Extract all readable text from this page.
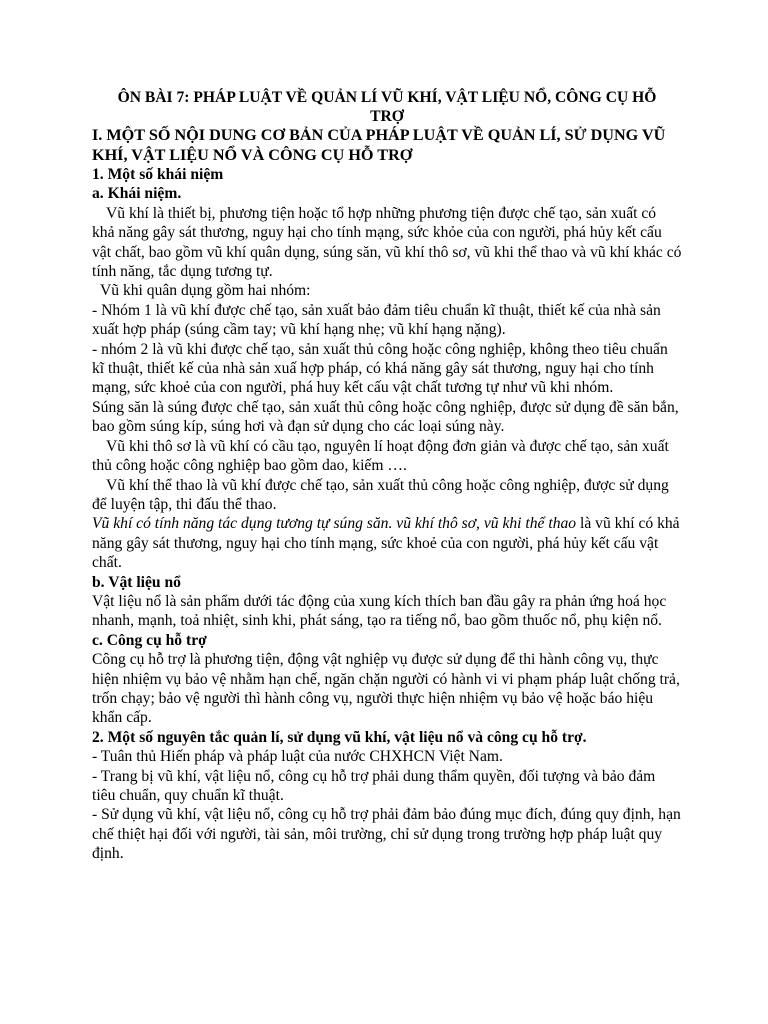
ÔN BÀI 7: PHÁP LUẬT VỀ QUẢN LÍ VŨ KHÍ, VẬT LIỆU NỔ, CÔNG CỤ HỖ TRỢ
I. MỘT SỐ NỘI DUNG CƠ BẢN CỦA PHÁP LUẬT VỀ QUẢN LÍ, SỬ DỤNG VŨ KHÍ, VẬT LIỆU NỔ VÀ CÔNG CỤ HỖ TRỢ
1. Một số khái niệm
a. Khái niệm.

Vũ khí là thiết bị, phương tiện hoặc tổ hợp những phương tiện được chế tạo, sản xuất có khả năng gây sát thương, nguy hại cho tính mạng, sức khỏe của con người, phá hủy kết cấu vật chất, bao gồm vũ khí quân dụng, súng săn, vũ khí thô sơ, vũ khi thể thao và vũ khí khác có tính năng, tắc dụng tương tự.

Vũ khi quân dụng gồm hai nhóm:

- Nhóm 1 là vũ khí được chế tạo, sản xuất bảo đảm tiêu chuẩn kĩ thuật, thiết kế của nhà sản xuất hợp pháp (súng cầm tay; vũ khí hạng nhẹ; vũ khí hạng nặng).

- nhóm 2 là vũ khi được chế tạo, sản xuất thủ công hoặc công nghiệp, không theo tiêu chuẩn kĩ thuật, thiết kế của nhà sản xuấ hợp pháp, có khá năng gây sát thương, nguy hại cho tính mạng, sức khoẻ của con người, phá huy kết cấu vật chất tương tự như vũ khi nhóm.

Súng săn là súng được chế tạo, sản xuất thủ công hoặc công nghiệp, được sử dụng đề săn bắn, bao gồm súng kíp, súng hơi và đạn sử dụng cho các loại súng này.

Vũ khi thô sơ là vũ khí có cầu tạo, nguyên lí hoạt động đơn giản và được chế tạo, sản xuất thủ công hoặc công nghiệp bao gồm dao, kiếm ….

Vũ khí thể thao là vũ khí được chế tạo, sản xuất thủ công hoặc công nghiệp, được sử dụng để luyện tập, thi đấu thể thao.

Vũ khí có tính năng tác dụng tương tự súng săn. vũ khí thô sơ, vũ khi thể thao là vũ khí có khả năng gây sát thương, nguy hại cho tính mạng, sức khoẻ của con người, phá hủy kết cấu vật chất.

b. Vật liệu nổ

Vật liệu nổ là sản phẩm dưới tác động của xung kích thích ban đầu gây ra phản ứng hoá học nhanh, mạnh, toả nhiệt, sinh khi, phát sáng, tạo ra tiếng nổ, bao gồm thuốc nổ, phụ kiện nổ.

c. Công cụ hỗ trợ

Công cụ hỗ trợ là phương tiện, động vật nghiệp vụ được sử dụng để thi hành công vụ, thực hiện nhiệm vụ bảo vệ nhằm hạn chế, ngăn chặn người có hành vi vi phạm pháp luật chống trả, trốn chạy; bảo vệ người thì hành công vụ, người thực hiện nhiệm vụ bảo vệ hoặc báo hiệu khẩn cấp.

2. Một số nguyên tắc quản lí, sử dụng vũ khí, vật liệu nổ và công cụ hỗ trợ.

- Tuân thủ Hiến pháp và pháp luật của nước CHXHCN Việt Nam.

- Trang bị vũ khí, vật liệu nổ, công cụ hỗ trợ phải dung thẩm quyền, đối tượng và bảo đảm tiêu chuẩn, quy chuẩn kĩ thuật.

- Sử dụng vũ khí, vật liệu nổ, công cụ hỗ trợ phải đảm bảo đúng mục đích, đúng quy định, hạn chế thiệt hại đối với người, tài sản, môi trường, chỉ sử dụng trong trường hợp pháp luật quy định.
